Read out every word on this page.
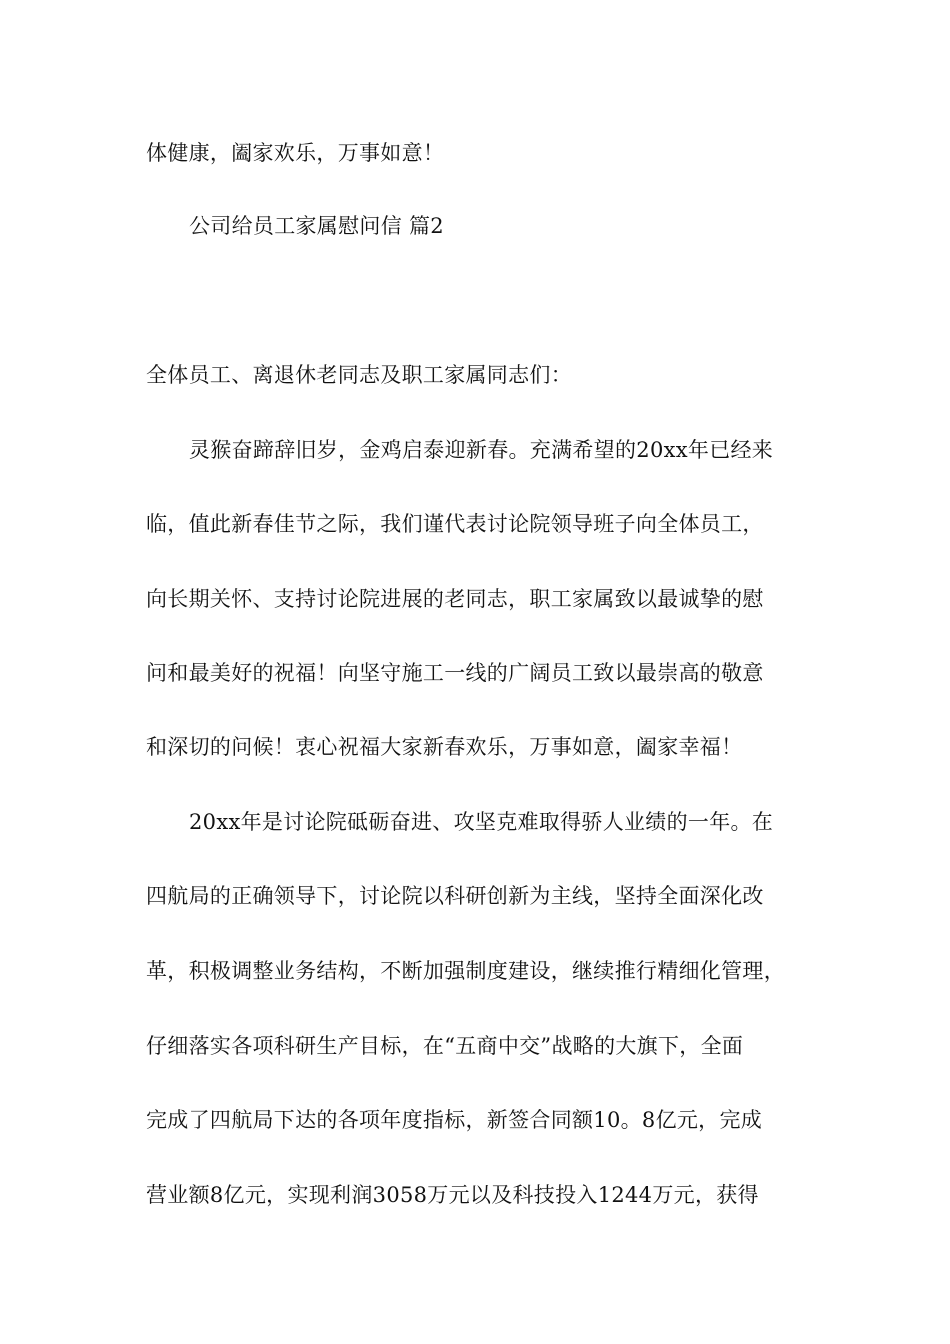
体健康，阖家欢乐，万事如意！
公司给员工家属慰问信 篇2
全体员工、离退休老同志及职工家属同志们：
灵猴奋蹄辞旧岁，金鸡启泰迎新春。充满希望的20xx年已经来
临，值此新春佳节之际，我们谨代表讨论院领导班子向全体员工，
向长期关怀、支持讨论院进展的老同志，职工家属致以最诚挚的慰
问和最美好的祝福！向坚守施工一线的广阔员工致以最崇高的敬意
和深切的问候！衷心祝福大家新春欢乐，万事如意，阖家幸福！
20xx年是讨论院砥砺奋进、攻坚克难取得骄人业绩的一年。在
四航局的正确领导下，讨论院以科研创新为主线，坚持全面深化改
革，积极调整业务结构，不断加强制度建设，继续推行精细化管理，
仔细落实各项科研生产目标，在“五商中交”战略的大旗下，全面
完成了四航局下达的各项年度指标，新签合同额10。8亿元，完成
营业额8亿元，实现利润3058万元以及科技投入1244万元，获得
